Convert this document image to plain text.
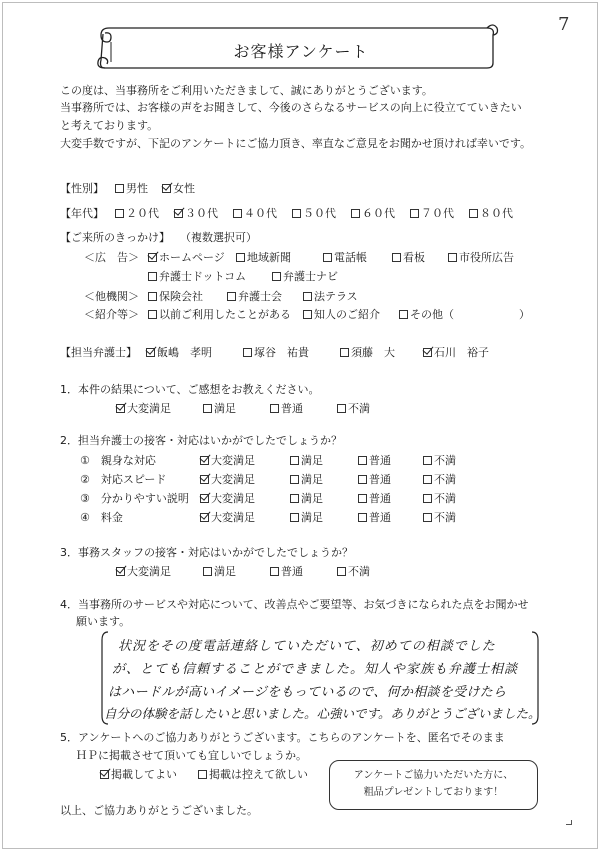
7
お客様アンケート
この度は、当事務所をご利用いただきまして、誠にありがとうございます。
当事務所では、お客様の声をお聞きして、今後のさらなるサービスの向上に役立てていきたい
と考えております。
大変手数ですが、下記のアンケートにご協力頂き、率直なご意見をお聞かせ頂ければ幸いです。
【性別】	男性	女性
【年代】	２０代	３０代	４０代	５０代	６０代	７０代	８０代
【ご来所のきっかけ】 （複数選択可）
＜広　告＞	ホームページ	地域新聞	電話帳	看板	市役所広告
弁護士ドットコム	弁護士ナビ
＜他機関＞	保険会社	弁護士会	法テラス
＜紹介等＞	以前ご利用したことがある	知人のご紹介	その他（	）
【担当弁護士】	飯嶋　孝明	塚谷　祐貴	須藤　大	石川　裕子
1．本件の結果について、ご感想をお教えください。
大変満足	満足	普通	不満
2．担当弁護士の接客・対応はいかがでしたでしょうか？
①　親身な対応	大変満足	満足	普通	不満
②　対応スピード	大変満足	満足	普通	不満
③　分かりやすい説明	大変満足	満足	普通	不満
④　料金	大変満足	満足	普通	不満
3．事務スタッフの接客・対応はいかがでしたでしょうか？
大変満足	満足	普通	不満
4．当事務所のサービスや対応について、改善点やご要望等、お気づきになられた点をお聞かせ
願います。
状況をその度電話連絡していただいて、初めての相談でした
が、とても信頼することができました。知人や家族も弁護士相談
はハードルが高いイメージをもっているので、何か相談を受けたら
自分の体験を話したいと思いました。心強いです。ありがとうございました。
5．アンケートへのご協力ありがとうございます。こちらのアンケートを、匿名でそのまま
ＨＰに掲載させて頂いても宜しいでしょうか。
掲載してよい	掲載は控えて欲しい	アンケートご協力いただいた方に、
粗品プレゼントしております！
以上、ご協力ありがとうございました。
